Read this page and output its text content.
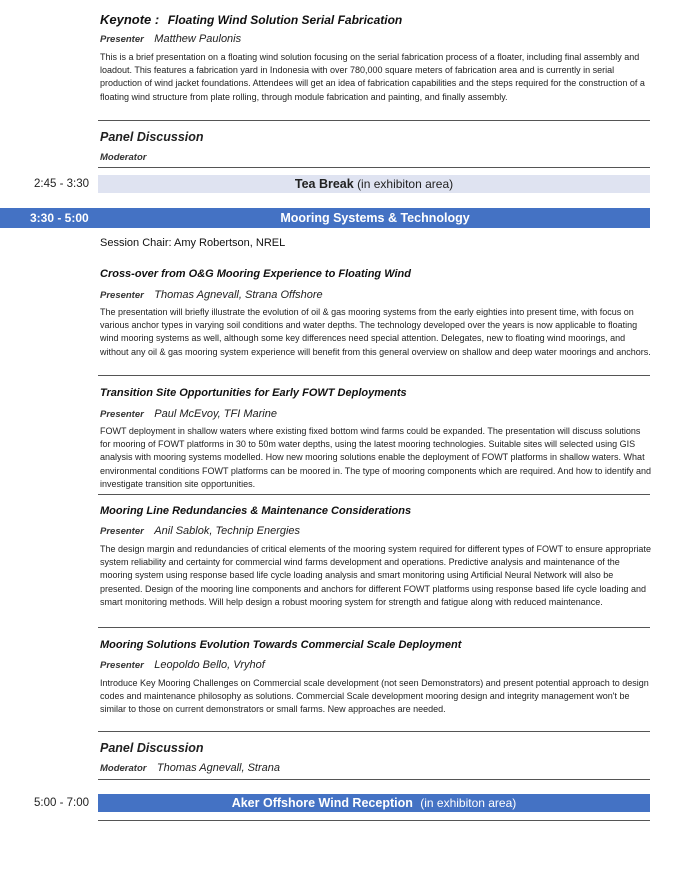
Keynote : Floating Wind Solution Serial Fabrication
Presenter Matthew Paulonis
This is a brief presentation on a floating wind solution focusing on the serial fabrication process of a floater, including final assembly and loadout. This features a fabrication yard in Indonesia with over 780,000 square meters of fabrication area and is currently in serial production of wind jacket foundations. Attendees will get an idea of fabrication capabilities and the steps required for the construction of a floating wind structure from plate rolling, through module fabrication and painting, and finally assembly.
Panel Discussion
Moderator
2:45 - 3:30	Tea Break (in exhibiton area)
3:30 - 5:00	Mooring Systems & Technology
Session Chair: Amy Robertson, NREL
Cross-over from O&G Mooring Experience to Floating Wind
Presenter Thomas Agnevall, Strana Offshore
The presentation will briefly illustrate the evolution of oil & gas mooring systems from the early eighties into present time, with focus on various anchor types in varying soil conditions and water depths. The technology developed over the years is now applicable to floating wind mooring systems as well, although some key differences need special attention. Delegates, new to floating wind moorings, and without any oil & gas mooring system experience will benefit from this general overview on shallow and deep water moorings and anchors.
Transition Site Opportunities for Early FOWT Deployments
Presenter Paul McEvoy, TFI Marine
FOWT deployment in shallow waters where existing fixed bottom wind farms could be expanded. The presentation will discuss solutions for mooring of FOWT platforms in 30 to 50m water depths, using the latest mooring technologies. Suitable sites will selected using GIS analysis with mooring systems modelled. How new mooring solutions enable the deployment of FOWT platforms in shallow waters. What environmental conditions FOWT platforms can be moored in. The type of mooring components which are required. And how to identify and investigate transition site opportunities.
Mooring Line Redundancies & Maintenance Considerations
Presenter Anil Sablok, Technip Energies
The design margin and redundancies of critical elements of the mooring system required for different types of FOWT to ensure appropriate system reliability and certainty for commercial wind farms development and operations. Predictive analysis and maintenance of the mooring system using response based life cycle loading analysis and smart monitoring using Artificial Neural Network will also be presented. Design of the mooring line components and anchors for different FOWT platforms using response based life cycle loading and smart monitoring methods. Will help design a robust mooring system for strength and fatigue along with reduced maintenance.
Mooring Solutions Evolution Towards Commercial Scale Deployment
Presenter Leopoldo Bello, Vryhof
Introduce Key Mooring Challenges on Commercial scale development (not seen Demonstrators) and present potential approach to design codes and maintenance philosophy as solutions. Commercial Scale development mooring design and integrity management won't be similar to those on current demonstrators or small farms. New approaches are needed.
Panel Discussion
Moderator Thomas Agnevall, Strana
5:00 - 7:00	Aker Offshore Wind Reception (in exhibiton area)
